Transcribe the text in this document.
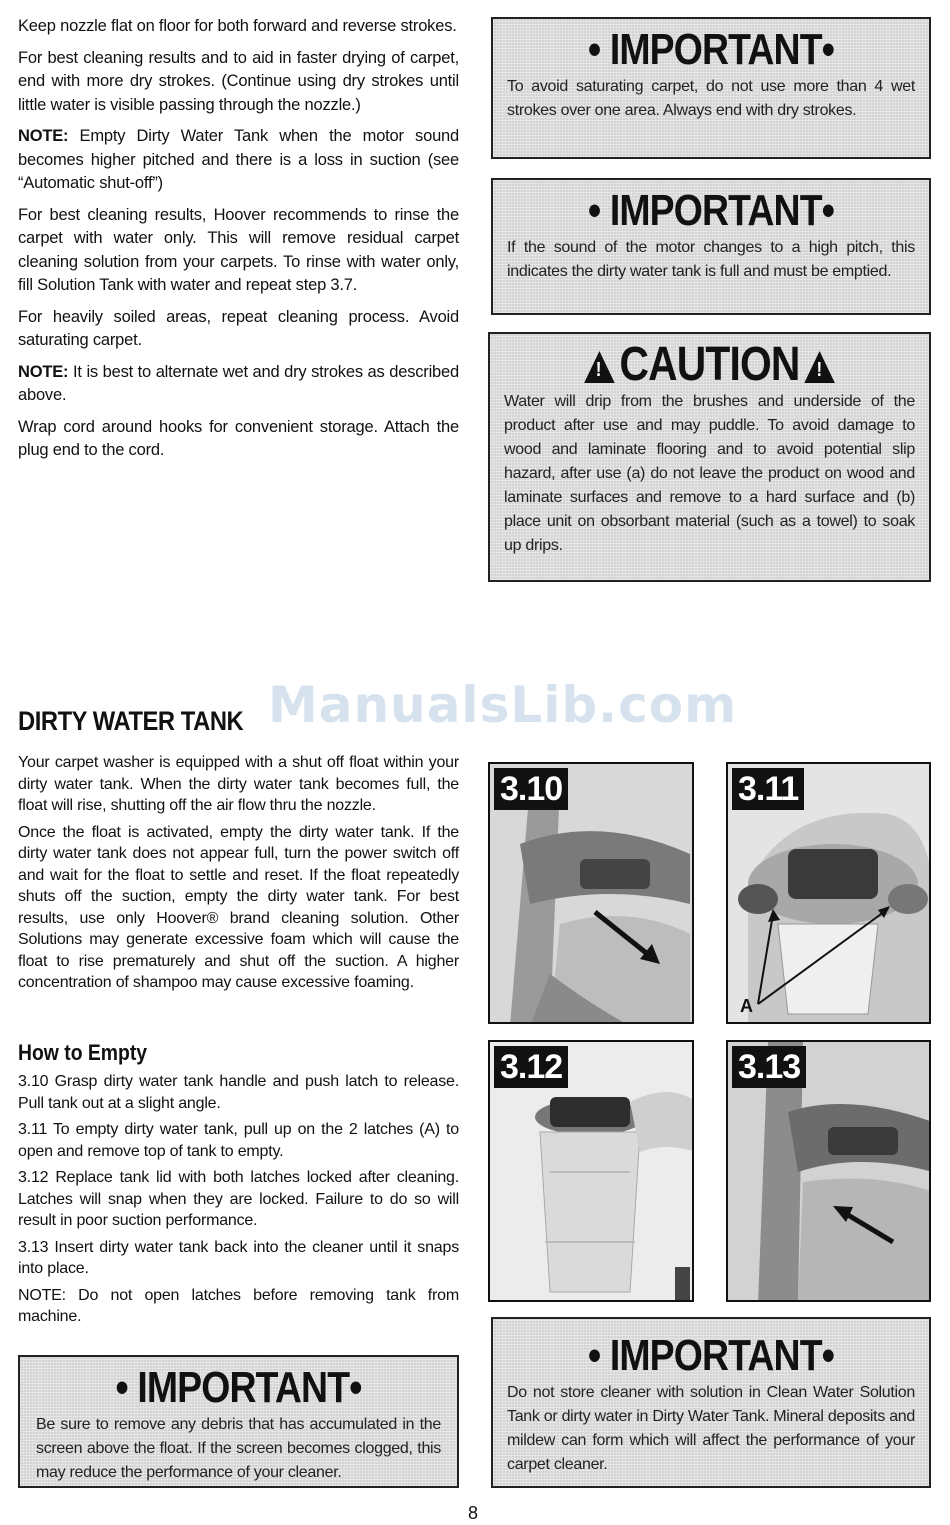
Keep nozzle flat on floor for both forward and reverse strokes.

For best cleaning results and to aid in faster drying of carpet, end with more dry strokes. (Continue using dry strokes until little water is visible passing through the nozzle.)

NOTE: Empty Dirty Water Tank when the motor sound becomes higher pitched and there is a loss in suction (see “Automatic shut-off”)

For best cleaning results, Hoover recommends to rinse the carpet with water only. This will remove residual carpet cleaning solution from your carpets. To rinse with water only, fill Solution Tank with water and repeat step 3.7.

For heavily soiled areas, repeat cleaning process. Avoid saturating carpet.

NOTE: It is best to alternate wet and dry strokes as described above.

Wrap cord around hooks for convenient storage. Attach the plug end to the cord.

• IMPORTANT•
To avoid saturating carpet, do not use more than 4 wet strokes over one area. Always end with dry strokes.
• IMPORTANT•
If the sound of the motor changes to a high pitch, this indicates the dirty water tank is full and must be emptied.
!CAUTION!
Water will drip from the brushes and underside of the product after use and may puddle. To avoid damage to wood and laminate flooring and to avoid potential slip hazard, after use (a) do not leave the product on wood and laminate surfaces and remove to a hard surface and (b) place unit on obsorbant material (such as a towel) to soak up drips.
ManualsLib.com
DIRTY WATER TANK

Your carpet washer is equipped with a shut off float within your dirty water tank. When the dirty water tank becomes full, the float will rise, shutting off the air flow thru the nozzle.

Once the float is activated, empty the dirty water tank. If the dirty water tank does not appear full, turn the power switch off and wait for the float to settle and reset. If the float repeatedly shuts off the suction, empty the dirty water tank. For best results, use only Hoover® brand cleaning solution. Other Solutions may generate excessive foam which will cause the float to rise prematurely and shut off the suction. A higher concentration of shampoo may cause excessive foaming.

How to Empty

3.10 Grasp dirty water tank handle and push latch to release. Pull tank out at a slight angle.

3.11 To empty dirty water tank, pull up on the 2 latches (A) to open and remove top of tank to empty.

3.12 Replace tank lid with both latches locked after cleaning. Latches will snap when they are locked. Failure to do so will result in poor suction performance.

3.13 Insert dirty water tank back into the cleaner until it snaps into place.

NOTE: Do not open latches before removing tank from machine.

• IMPORTANT•
Be sure to remove any debris that has accumulated in the screen above the float. If the screen becomes clogged, this may reduce the performance of your cleaner.
• IMPORTANT•
Do not store cleaner with solution in Clean Water Solution Tank or dirty water in Dirty Water Tank. Mineral deposits and mildew can form which will affect the performance of your carpet cleaner.
3.10	3.11
A
3.12	3.13
8
